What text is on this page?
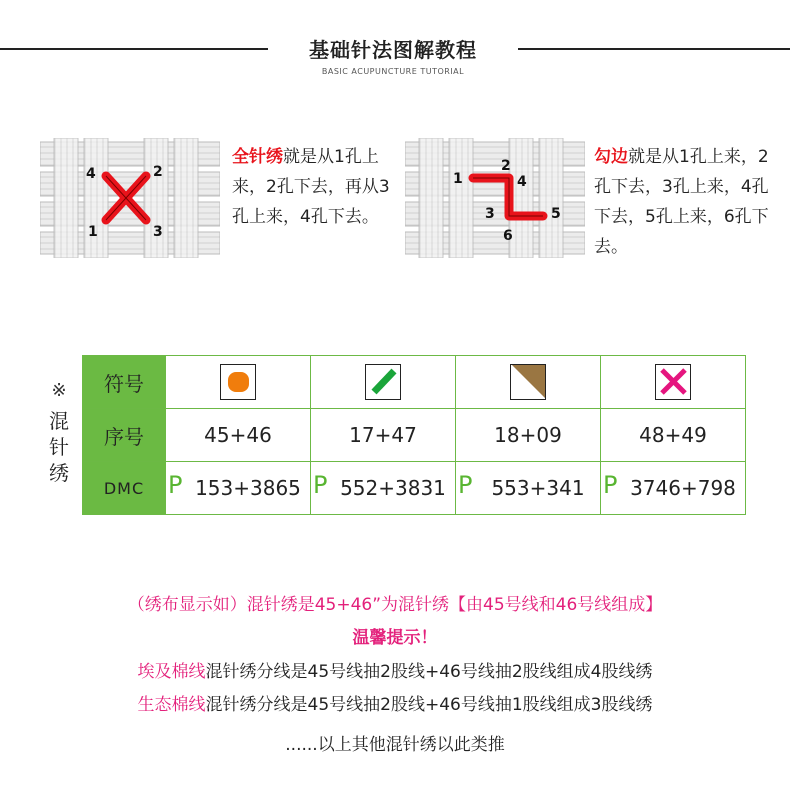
基础针法图解教程
BASIC ACUPUNCTURE TUTORIAL
4	2
1	3
全针绣就是从1孔上来，2孔下去，再从3孔上来，4孔下去。
1
2
3
4
5
6
勾边就是从1孔上来，2孔下去，3孔上来，4孔下去，5孔上来，6孔下去。
※
混针绣
符号				
序号	45+46	17+47	18+09	48+49
DMC	P 153+3865	P 552+3831	P 553+341	P 3746+798
（绣布显示如）混针绣是45+46”为混针绣【由45号线和46号线组成】
温馨提示！
埃及棉线混针绣分线是45号线抽2股线+46号线抽2股线组成4股线绣
生态棉线混针绣分线是45号线抽2股线+46号线抽1股线组成3股线绣
......以上其他混针绣以此类推
